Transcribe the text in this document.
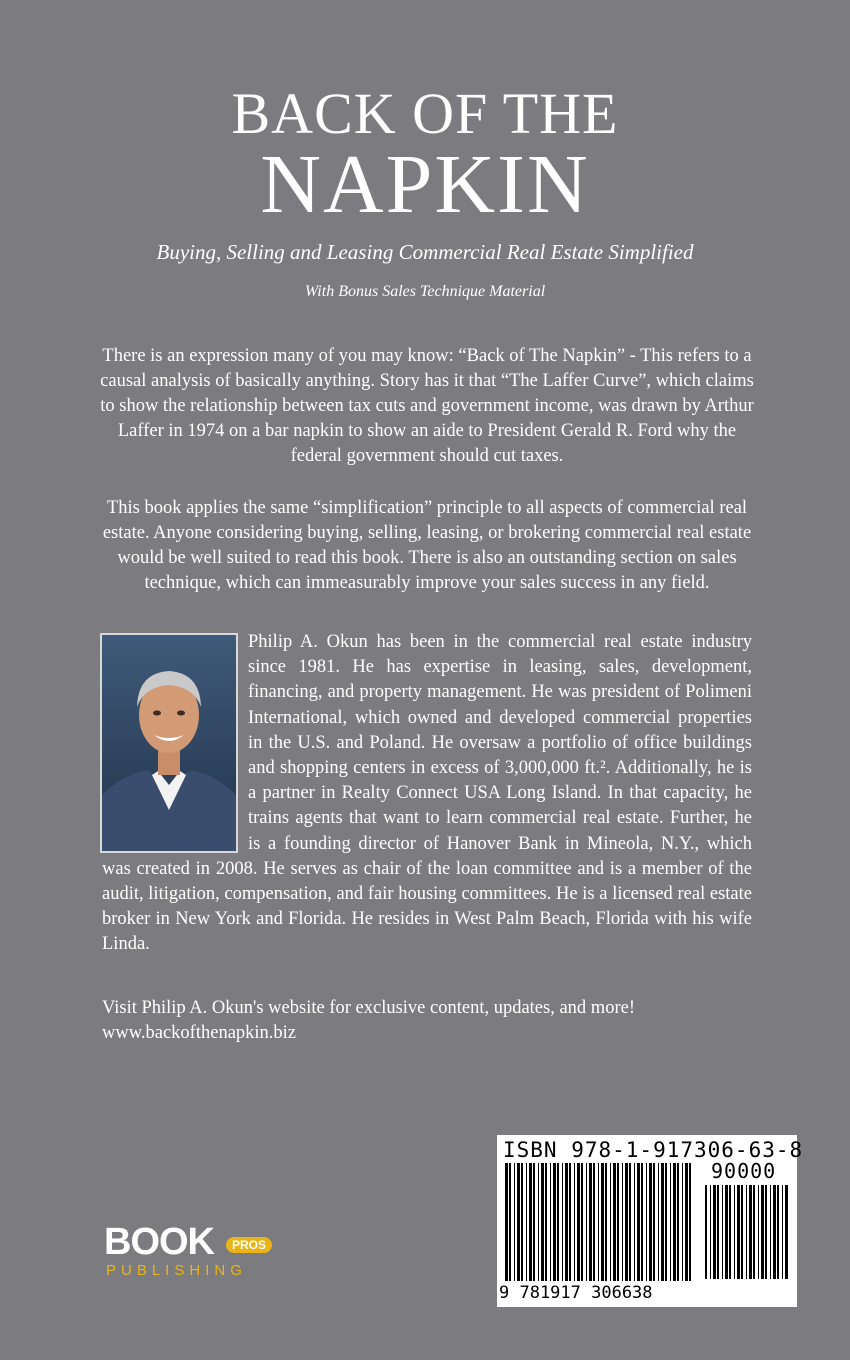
BACK OF THE
NAPKIN
Buying, Selling and Leasing Commercial Real Estate Simplified
With Bonus Sales Technique Material

There is an expression many of you may know: “Back of The Napkin” - This refers to a causal analysis of basically anything. Story has it that “The Laffer Curve”, which claims to show the relationship between tax cuts and government income, was drawn by Arthur Laffer in 1974 on a bar napkin to show an aide to President Gerald R. Ford why the federal government should cut taxes.

This book applies the same “simplification” principle to all aspects of commercial real estate. Anyone considering buying, selling, leasing, or brokering commercial real estate would be well suited to read this book. There is also an outstanding section on sales technique, which can immeasurably improve your sales success in any field.

Philip A. Okun has been in the commercial real estate industry since 1981. He has expertise in leasing, sales, development, financing, and property management. He was president of Polimeni International, which owned and developed commercial properties in the U.S. and Poland. He oversaw a portfolio of office buildings and shopping centers in excess of 3,000,000 ft.². Additionally, he is a partner in Realty Connect USA Long Island. In that capacity, he trains agents that want to learn commercial real estate. Further, he is a founding director of Hanover Bank in Mineola, N.Y., which was created in 2008. He serves as chair of the loan committee and is a member of the audit, litigation, compensation, and fair housing committees. He is a licensed real estate broker in New York and Florida. He resides in West Palm Beach, Florida with his wife Linda.

Visit Philip A. Okun's website for exclusive content, updates, and more!
www.backofthenapkin.biz
BOOK	PROS
PUBLISHING
ISBN 978-1-917306-63-8
90000
9 781917 306638
